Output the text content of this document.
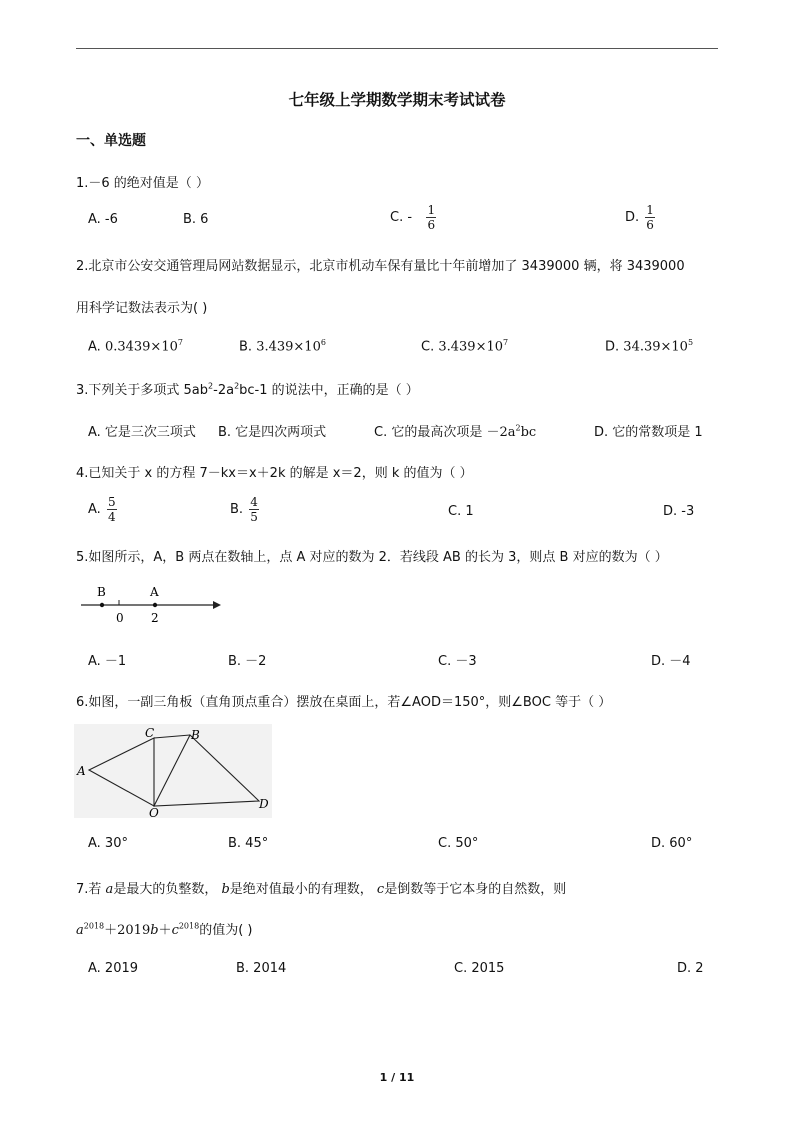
七年级上学期数学期末考试试卷
一、单选题
1.－6 的绝对值是（ ）
A. -6	B. 6	C. - $\frac{1}{6}$	D. $\frac{1}{6}$
2.北京市公安交通管理局网站数据显示，北京市机动车保有量比十年前增加了 3439000 辆，将 3439000
用科学记数法表示为( )
A. $0.3439\times 10^7$	B. $3.439\times 10^6$	C. $3.439\times 10^7$	D. $34.39\times 10^5$
3.下列关于多项式 $5ab^2-2a^2bc-1$ 的说法中，正确的是（ ）
A. 它是三次三项式 B. 它是四次两项式	C. 它的最高次项是 $-2a^2bc$	D. 它的常数项是 1
4.已知关于 x 的方程 7－kx＝x＋2k 的解是 x＝2，则 k 的值为（ ）
A. $\frac{5}{4}$	B. $\frac{4}{5}$	C. 1	D. -3
5.如图所示，A，B 两点在数轴上，点 A 对应的数为 2．若线段 AB 的长为 3，则点 B 对应的数为（ ）
B	A
0 2
A. －1	B. －2	C. －3	D. －4
6.如图，一副三角板（直角顶点重合）摆放在桌面上，若∠AOD＝150°，则∠BOC 等于（ ）
A
B
C
D
O
A. 30°	B. 45°	C. 50°	D. 60°
7.若 a是最大的负整数， b是绝对值最小的有理数， c是倒数等于它本身的自然数，则
$a^{2018}+2019b+c^{2018}$的值为( )
A. 2019	B. 2014	C. 2015	D. 2
1 / 11
